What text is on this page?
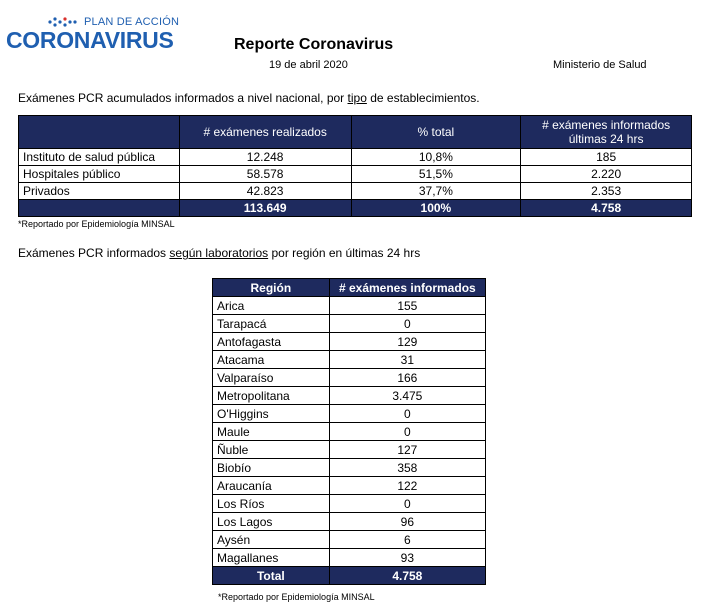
PLAN DE ACCIÓN
CORONAVIRUS	Reporte Coronavirus
19 de abril 2020	Ministerio de Salud
Exámenes PCR acumulados informados a nivel nacional, por tipo de establecimientos.
	# exámenes realizados	% total	# exámenes informados últimas 24 hrs
Instituto de salud pública	12.248	10,8%	185
Hospitales público	58.578	51,5%	2.220
Privados	42.823	37,7%	2.353
	113.649	100%	4.758
*Reportado por Epidemiología MINSAL
Exámenes PCR informados según laboratorios por región en últimas 24 hrs
Región	# exámenes informados
Arica	155
Tarapacá	0
Antofagasta	129
Atacama	31
Valparaíso	166
Metropolitana	3.475
O'Higgins	0
Maule	0
Ñuble	127
Biobío	358
Araucanía	122
Los Ríos	0
Los Lagos	96
Aysén	6
Magallanes	93
Total	4.758
*Reportado por Epidemiología MINSAL
